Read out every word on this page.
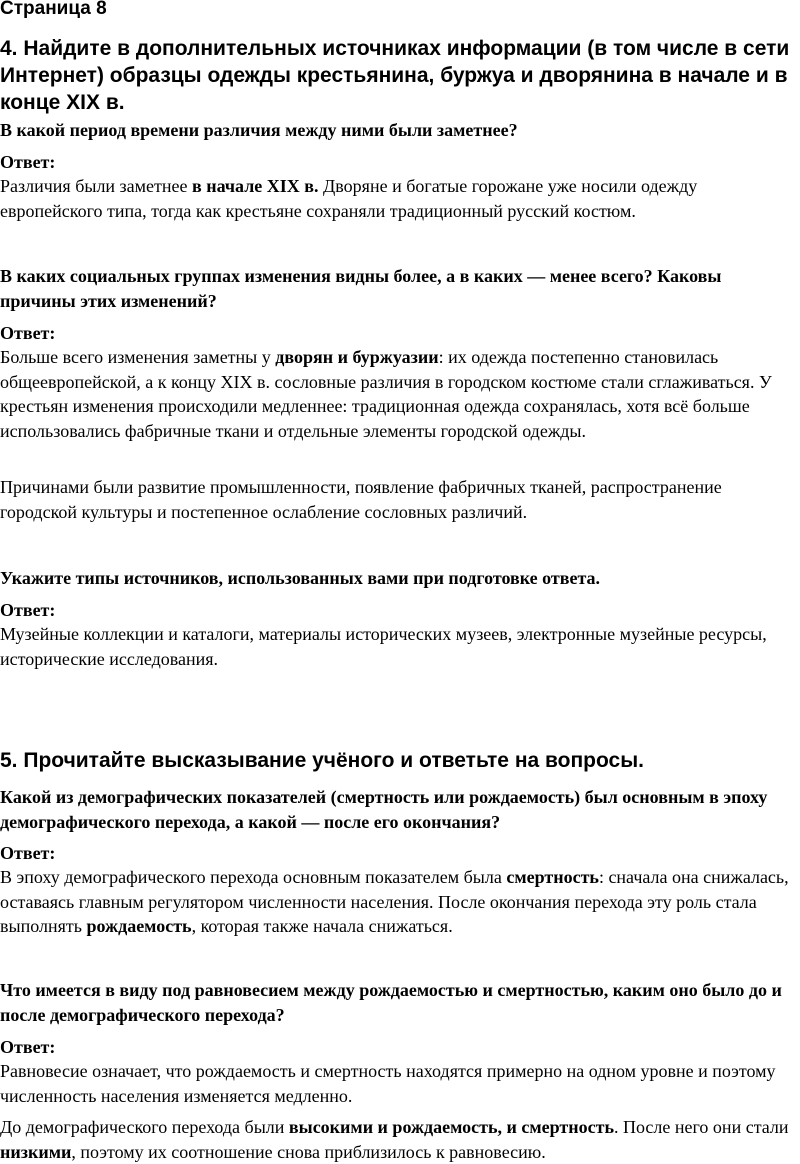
Страница 8
4. Найдите в дополнительных источниках информации (в том числе в сети Интернет) образцы одежды крестьянина, буржуа и дворянина в начале и в конце XIX в.
В какой период времени различия между ними были заметнее?
Ответ:
Различия были заметнее в начале XIX в. Дворяне и богатые горожане уже носили одежду европейского типа, тогда как крестьяне сохраняли традиционный русский костюм.
В каких социальных группах изменения видны более, а в каких — менее всего? Каковы причины этих изменений?
Ответ:
Больше всего изменения заметны у дворян и буржуазии: их одежда постепенно становилась общеевропейской, а к концу XIX в. сословные различия в городском костюме стали сглаживаться. У крестьян изменения происходили медленнее: традиционная одежда сохранялась, хотя всё больше использовались фабричные ткани и отдельные элементы городской одежды.
Причинами были развитие промышленности, появление фабричных тканей, распространение городской культуры и постепенное ослабление сословных различий.
Укажите типы источников, использованных вами при подготовке ответа.
Ответ:
Музейные коллекции и каталоги, материалы исторических музеев, электронные музейные ресурсы, исторические исследования.
5. Прочитайте высказывание учёного и ответьте на вопросы.
Какой из демографических показателей (смертность или рождаемость) был основным в эпоху демографического перехода, а какой — после его окончания?
Ответ:
В эпоху демографического перехода основным показателем была смертность: сначала она снижалась, оставаясь главным регулятором численности населения. После окончания перехода эту роль стала выполнять рождаемость, которая также начала снижаться.
Что имеется в виду под равновесием между рождаемостью и смертностью, каким оно было до и после демографического перехода?
Ответ:
Равновесие означает, что рождаемость и смертность находятся примерно на одном уровне и поэтому численность населения изменяется медленно.
До демографического перехода были высокими и рождаемость, и смертность. После него они стали низкими, поэтому их соотношение снова приблизилось к равновесию.
